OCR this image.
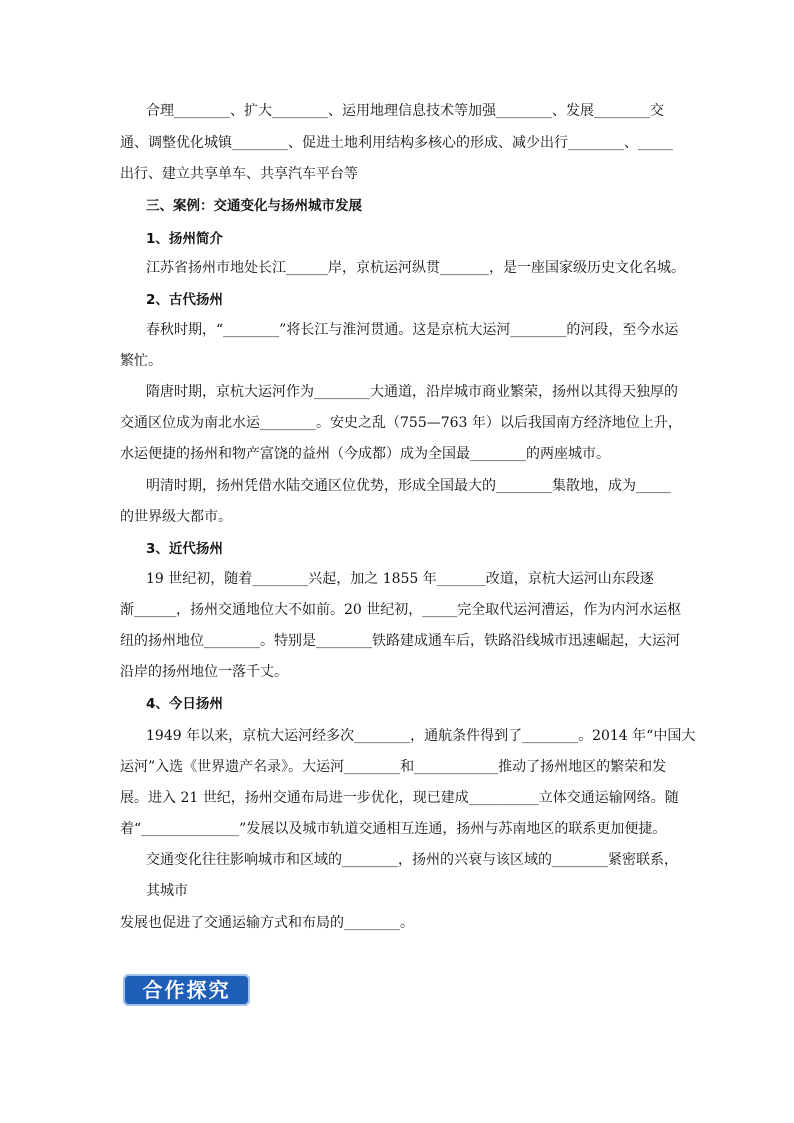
合理________、扩大________、运用地理信息技术等加强________、发展________交
通、调整优化城镇________、促进土地利用结构多核心的形成、减少出行________、_____
出行、建立共享单车、共享汽车平台等
三、案例：交通变化与扬州城市发展
1、扬州简介
江苏省扬州市地处长江______岸，京杭运河纵贯_______，是一座国家级历史文化名城。
2、古代扬州
春秋时期，“________”将长江与淮河贯通。这是京杭大运河________的河段，至今水运
繁忙。
隋唐时期，京杭大运河作为________大通道，沿岸城市商业繁荣，扬州以其得天独厚的
交通区位成为南北水运________。安史之乱（755—763 年）以后我国南方经济地位上升，
水运便捷的扬州和物产富饶的益州（今成都）成为全国最________的两座城市。
明清时期，扬州凭借水陆交通区位优势，形成全国最大的________集散地，成为_____
的世界级大都市。
3、近代扬州
19 世纪初，随着________兴起，加之 1855 年_______改道，京杭大运河山东段逐
渐______，扬州交通地位大不如前。20 世纪初，_____完全取代运河漕运，作为内河水运枢
纽的扬州地位________。特别是________铁路建成通车后，铁路沿线城市迅速崛起，大运河
沿岸的扬州地位一落千丈。
4、今日扬州
1949 年以来，京杭大运河经多次________，通航条件得到了________。2014 年“中国大
运河”入选《世界遗产名录》。大运河________和____________推动了扬州地区的繁荣和发
展。进入 21 世纪，扬州交通布局进一步优化，现已建成__________立体交通运输网络。随
着“______________”发展以及城市轨道交通相互连通，扬州与苏南地区的联系更加便捷。
交通变化往往影响城市和区域的________，扬州的兴衰与该区域的________紧密联系，
其城市
发展也促进了交通运输方式和布局的________。
合作探究
